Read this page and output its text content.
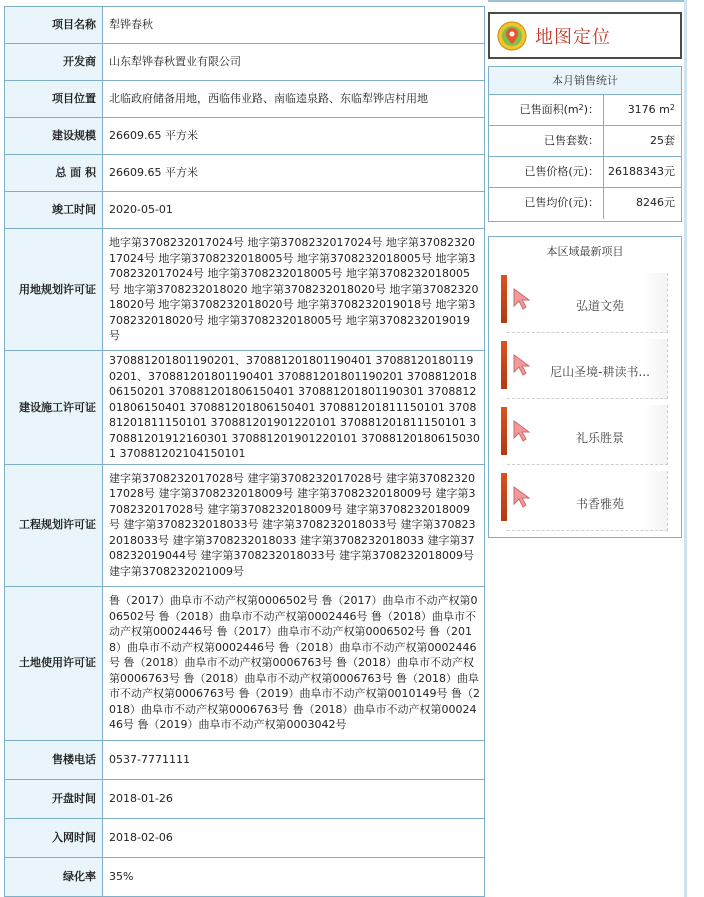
项目名称	犁铧春秋
开发商	山东犁铧春秋置业有限公司
项目位置	北临政府储备用地，西临伟业路、南临逵泉路、东临犁铧店村用地
建设规模	26609.65 平方米
总 面 积	26609.65 平方米
竣工时间	2020-05-01
用地规划许可证	地字第3708232017024号 地字第3708232017024号 地字第3708232017024号 地字第3708232018005号 地字第3708232018005号 地字第3708232017024号 地字第3708232018005号 地字第3708232018005号 地字第3708232018020 地字第3708232018020号 地字第3708232018020号 地字第3708232018020号 地字第3708232019018号 地字第3708232018020号 地字第3708232018005号 地字第3708232019019号
建设施工许可证	370881201801190201、370881201801190401 370881201801190201、370881201801190401 370881201801190201 370881201806150201 370881201806150401 370881201801190301 370881201806150401 370881201806150401 370881201811150101 370881201811150101 370881201901220101 370881201811150101 370881201912160301 370881201901220101 370881201806150301 370881202104150101
工程规划许可证	建字第3708232017028号 建字第3708232017028号 建字第3708232017028号 建字第3708232018009号 建字第3708232018009号 建字第3708232017028号 建字第3708232018009号 建字第3708232018009号 建字第3708232018033号 建字第3708232018033号 建字第3708232018033号 建字第3708232018033 建字第3708232018033 建字第3708232019044号 建字第3708232018033号 建字第3708232018009号 建字第3708232021009号
土地使用许可证	鲁（2017）曲阜市不动产权第0006502号 鲁（2017）曲阜市不动产权第006502号 鲁（2018）曲阜市不动产权第0002446号 鲁（2018）曲阜市不动产权第0002446号 鲁（2017）曲阜市不动产权第0006502号 鲁（2018）曲阜市不动产权第0002446号 鲁（2018）曲阜市不动产权第0002446号 鲁（2018）曲阜市不动产权第0006763号 鲁（2018）曲阜市不动产权第0006763号 鲁（2018）曲阜市不动产权第0006763号 鲁（2018）曲阜市不动产权第0006763号 鲁（2019）曲阜市不动产权第0010149号 鲁（2018）曲阜市不动产权第0006763号 鲁（2018）曲阜市不动产权第0002446号 鲁（2019）曲阜市不动产权第0003042号
售楼电话	0537-7771111
开盘时间	2018-01-26
入网时间	2018-02-06
绿化率	35%
地图定位
本月销售统计
已售面积$(m^2)$：	3176 $m^2$
已售套数：	25套
已售价格(元)： 26188343元
已售均价(元)：	8246元
本区域最新项目
弘道文苑
尼山圣境-耕读书...
礼乐胜景
书香雅苑
